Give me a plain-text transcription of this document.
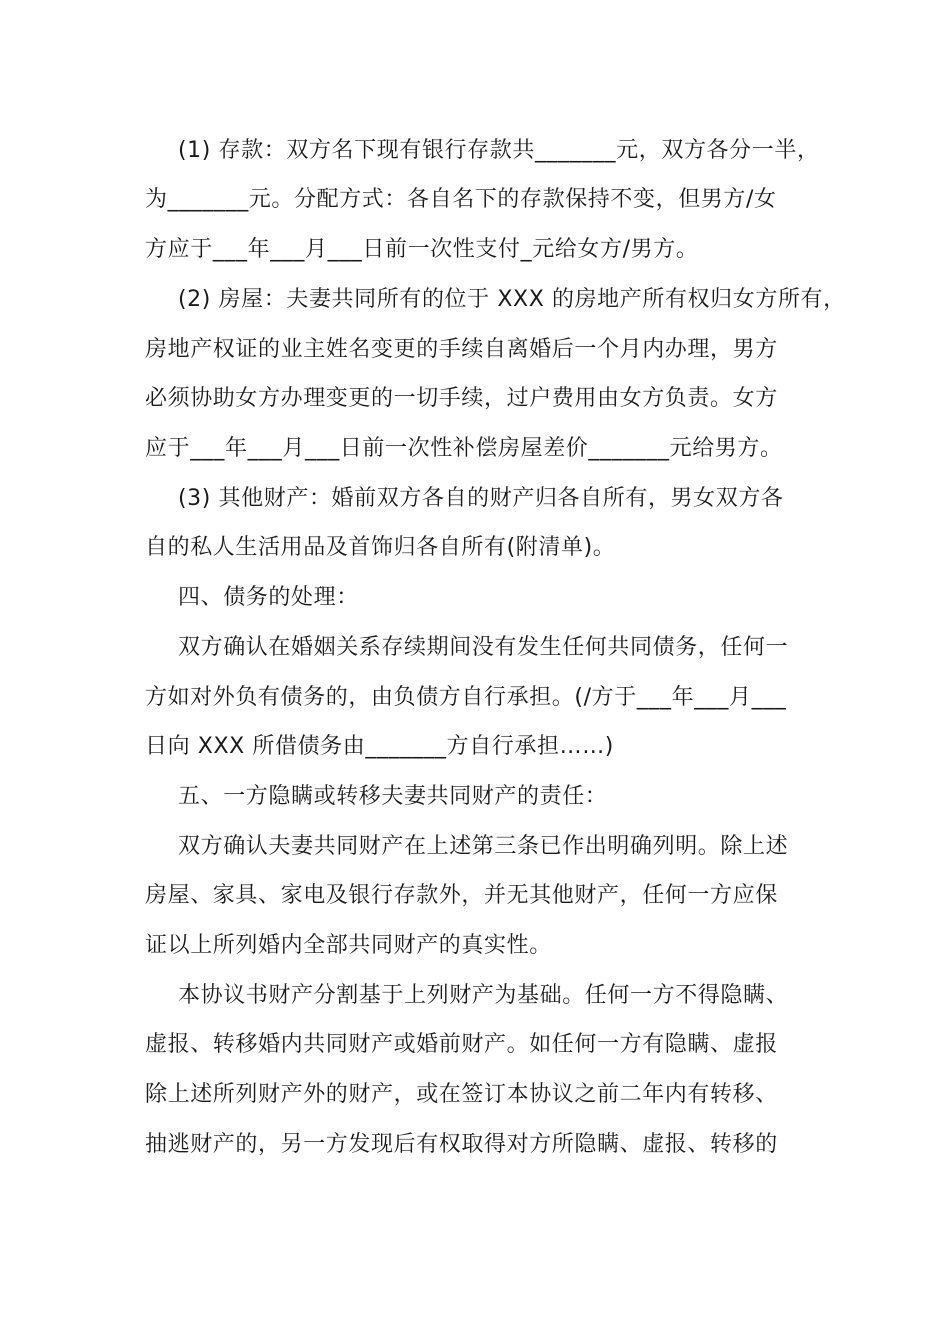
(1) 存款：双方名下现有银行存款共_______元，双方各分一半，
为_______元。分配方式：各自名下的存款保持不变，但男方/女
方应于___年___月___日前一次性支付_元给女方/男方。
(2) 房屋：夫妻共同所有的位于 XXX 的房地产所有权归女方所有，
房地产权证的业主姓名变更的手续自离婚后一个月内办理，男方
必须协助女方办理变更的一切手续，过户费用由女方负责。女方
应于___年___月___日前一次性补偿房屋差价_______元给男方。
(3) 其他财产：婚前双方各自的财产归各自所有，男女双方各
自的私人生活用品及首饰归各自所有(附清单)。
四、债务的处理：
双方确认在婚姻关系存续期间没有发生任何共同债务，任何一
方如对外负有债务的，由负债方自行承担。(/方于___年___月___
日向 XXX 所借债务由_______方自行承担……)
五、一方隐瞒或转移夫妻共同财产的责任：
双方确认夫妻共同财产在上述第三条已作出明确列明。除上述
房屋、家具、家电及银行存款外，并无其他财产，任何一方应保
证以上所列婚内全部共同财产的真实性。
本协议书财产分割基于上列财产为基础。任何一方不得隐瞒、
虚报、转移婚内共同财产或婚前财产。如任何一方有隐瞒、虚报
除上述所列财产外的财产，或在签订本协议之前二年内有转移、
抽逃财产的，另一方发现后有权取得对方所隐瞒、虚报、转移的
